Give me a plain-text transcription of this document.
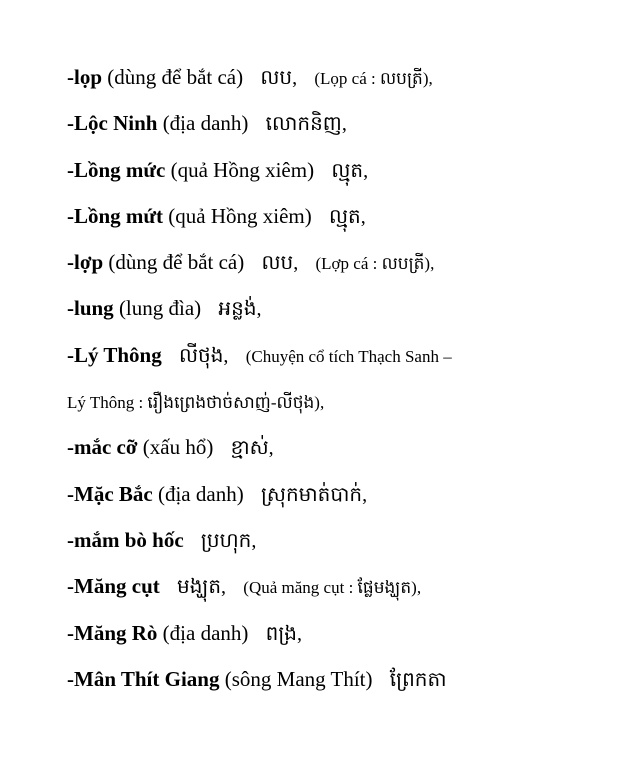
-lọp (dùng để bắt cá) លប, (Lọp cá : លបត្រី),
-Lộc Ninh (địa danh) លោកនិញ,
-Lồng mức (quả Hồng xiêm) ល្មុត,
-Lồng mứt (quả Hồng xiêm) ល្មុត,
-lợp (dùng để bắt cá) លប, (Lợp cá : លបត្រី),
-lung (lung đìa) អន្លង់,
-Lý Thông លីថុង, (Chuyện cổ tích Thạch Sanh –
Lý Thông : រឿងព្រេងថាច់សាញ់-លីថុង),
-mắc cỡ (xấu hổ) ខ្មាស់,
-Mặc Bắc (địa danh) ស្រុកមាត់បាក់,
-mắm bò hốc ប្រហុក,
-Măng cụt មង្ឃុត, (Quả măng cụt : ផ្លែមង្ឃុត),
-Măng Rò (địa danh) ពង្រ,
-Mân Thít Giang (sông Mang Thít) ព្រែកតា
